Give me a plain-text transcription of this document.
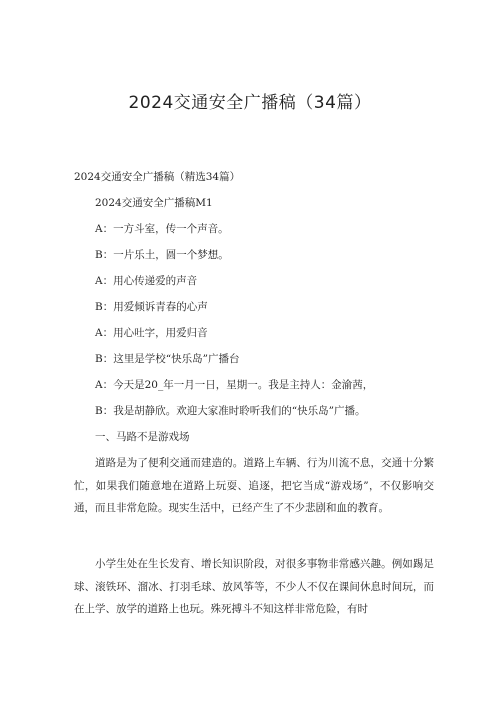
2024交通安全广播稿（34篇）
2024交通安全广播稿（精选34篇）
2024交通安全广播稿M1
A：一方斗室，传一个声音。
B：一片乐土，圆一个梦想。
A：用心传递爱的声音
B：用爱倾诉青春的心声
A：用心吐字，用爱归音
B：这里是学校“快乐岛”广播台
A：今天是20_年一月一日，星期一。我是主持人：金渝茜，
B：我是胡静欣。欢迎大家准时聆听我们的“快乐岛”广播。
一、马路不是游戏场
道路是为了便利交通而建造的。道路上车辆、行为川流不息，交通十分繁忙，如果我们随意地在道路上玩耍、追逐，把它当成“游戏场”，不仅影响交通，而且非常危险。现实生活中，已经产生了不少悲剧和血的教育。
小学生处在生长发育、增长知识阶段，对很多事物非常感兴趣。例如踢足球、滚铁环、溜冰、打羽毛球、放风筝等，不少人不仅在课间休息时间玩，而在上学、放学的道路上也玩。殊死搏斗不知这样非常危险，有时
